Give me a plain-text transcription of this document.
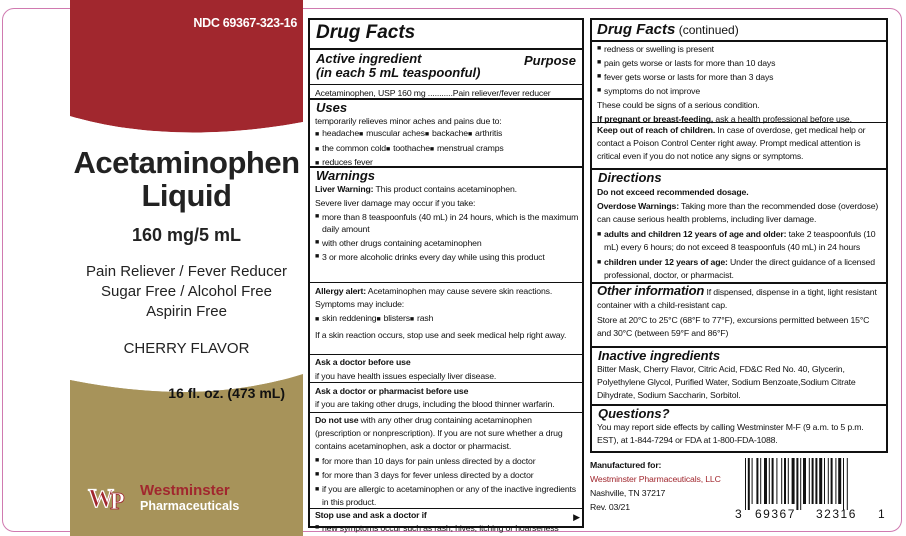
NDC 69367-323-16
Acetaminophen
Liquid
160 mg/5 mL
Pain Reliever / Fever Reducer
Sugar Free / Alcohol Free
Aspirin Free
CHERRY FLAVOR
16 fl. oz. (473 mL)
W
P Westminster
Pharmaceuticals
Drug Facts
Active ingredient
(in each 5 mL teaspoonful)
Purpose
Acetaminophen, USP 160 mg ...........Pain reliever/fever reducer
Uses
temporarily relieves minor aches and pains due to:
■ headache ■ muscular aches ■ backache ■ arthritis
■ the common cold ■ toothache ■ menstrual cramps
■ reduces fever
Warnings
Liver Warning: This product contains acetaminophen.
Severe liver damage may occur if you take:
■ more than 8 teaspoonfuls (40 mL) in 24 hours, which is the maximum daily amount
■ with other drugs containing acetaminophen
■ 3 or more alcoholic drinks every day while using this product
Allergy alert: Acetaminophen may cause severe skin reactions.
Symptoms may include:
■ skin reddening ■ blisters ■ rash
If a skin reaction occurs, stop use and seek medical help right away.
Ask a doctor before use
if you have health issues especially liver disease.
Ask a doctor or pharmacist before use
if you are taking other drugs, including the blood thinner warfarin.
Do not use with any other drug containing acetaminophen (prescription or nonprescription). If you are not sure whether a drug contains acetaminophen, ask a doctor or pharmacist.
■ for more than 10 days for pain unless directed by a doctor
■ for more than 3 days for fever unless directed by a doctor
■ if you are allergic to acetaminophen or any of the inactive ingredients in this product.
Stop use and ask a doctor if
■ new symptoms occur such as rash, hives, itching or hoarseness
▶
Drug Facts (continued)
■ redness or swelling is present
■ pain gets worse or lasts for more than 10 days
■ fever gets worse or lasts for more than 3 days
■ symptoms do not improve
These could be signs of a serious condition.
If pregnant or breast-feeding, ask a health professional before use.
Keep out of reach of children. In case of overdose, get medical help or contact a Poison Control Center right away. Prompt medical attention is critical even if you do not notice any signs or symptoms.
Directions
Do not exceed recommended dosage.
Overdose Warnings: Taking more than the recommended dose (overdose) can cause serious health problems, including liver damage.
■ adults and children 12 years of age and older: take 2 teaspoonfuls (10 mL) every 6 hours; do not exceed 8 teaspoonfuls (40 mL) in 24 hours
■ children under 12 years of age: Under the direct guidance of a licensed professional, doctor, or pharmacist.
Other information If dispensed, dispense in a tight, light resistant container with a child-resistant cap.
Store at 20°C to 25°C (68°F to 77°F), excursions permitted between 15°C and 30°C (between 59°F and 86°F)
Inactive ingredients
Bitter Mask, Cherry Flavor, Citric Acid, FD&C Red No. 40, Glycerin, Polyethylene Glycol, Purified Water, Sodium Benzoate,Sodium Citrate Dihydrate, Sodium Saccharin, Sorbitol.
Questions?
You may report side effects by calling Westminster M-F (9 a.m. to 5 p.m. EST), at 1-844-7294 or FDA at 1-800-FDA-1088.
Manufactured for:
Westminster Pharmaceuticals, LLC
Nashville, TN 37217
Rev. 03/21	3 69367 32316 1
